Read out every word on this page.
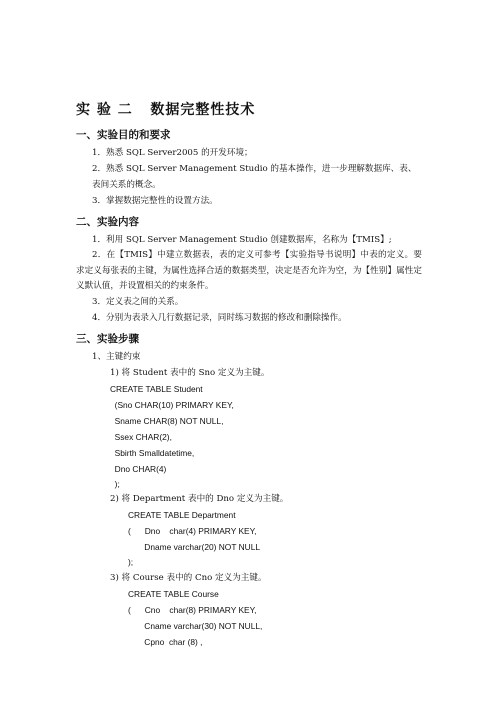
实 验 二   数据完整性技术
一、实验目的和要求
1．熟悉 SQL Server2005 的开发环境；
2．熟悉 SQL Server Management Studio 的基本操作，进一步理解数据库、表、
表间关系的概念。
3．掌握数据完整性的设置方法。
二、实验内容
1．利用 SQL Server Management Studio 创建数据库，名称为【TMIS】;
2．在【TMIS】中建立数据表，表的定义可参考【实验指导书说明】中表的定义。要求定义每张表的主键，为属性选择合适的数据类型，决定是否允许为空，为【性别】属性定义默认值，并设置相关的约束条件。
3．定义表之间的关系。
4．分别为表录入几行数据记录，同时练习数据的修改和删除操作。
三、实验步骤
1、主键约束
1) 将 Student 表中的 Sno 定义为主键。
CREATE TABLE Student
(Sno CHAR(10) PRIMARY KEY,
Sname CHAR(8) NOT NULL,
Ssex CHAR(2),
Sbirth Smalldatetime,
Dno CHAR(4)
);
2) 将 Department 表中的 Dno 定义为主键。
CREATE TABLE Department
(      Dno    char(4) PRIMARY KEY,
Dname varchar(20) NOT NULL
);
3) 将 Course 表中的 Cno 定义为主键。
CREATE TABLE Course
(      Cno    char(8) PRIMARY KEY,
Cname varchar(30) NOT NULL,
Cpno  char (8) ,
